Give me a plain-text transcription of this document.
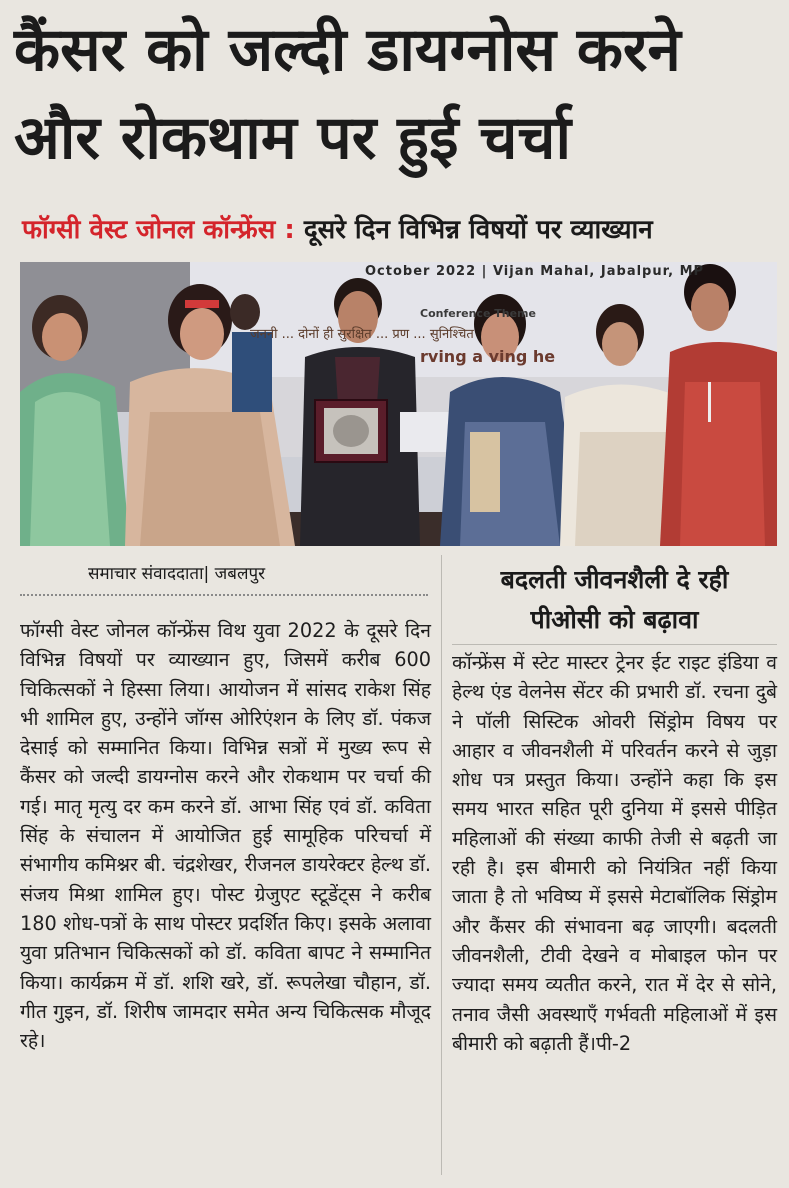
कैंसर को जल्दी डायग्नोस करने
और रोकथाम पर हुई चर्चा
फॉग्सी वेस्ट जोनल कॉन्फ्रेंस : दूसरे दिन विभिन्न विषयों पर व्याख्यान
October 2022 | Vijan Mahal, Jabalpur, MP
Conference Theme
जननी ... दोनों ही सुरक्षित ... प्रण ... सुनिश्चित
rving a ving he
समाचार संवाददाता| जबलपुर
फॉग्सी वेस्ट जोनल कॉन्फ्रेंस विथ युवा 2022 के दूसरे दिन विभिन्न विषयों पर व्याख्यान हुए, जिसमें करीब 600 चिकित्सकों ने हिस्सा लिया। आयोजन में सांसद राकेश सिंह भी शामिल हुए, उन्होंने जॉग्स ओरिएंशन के लिए डॉ. पंकज देसाई को सम्मानित किया। विभिन्न सत्रों में मुख्य रूप से कैंसर को जल्दी डायग्नोस करने और रोकथाम पर चर्चा की गई। मातृ मृत्यु दर कम करने डॉ. आभा सिंह एवं डॉ. कविता सिंह के संचालन में आयोजित हुई सामूहिक परिचर्चा में संभागीय कमिश्नर बी. चंद्रशेखर, रीजनल डायरेक्टर हेल्थ डॉ. संजय मिश्रा शामिल हुए। पोस्ट ग्रेजुएट स्टूडेंट्स ने करीब 180 शोध-पत्रों के साथ पोस्टर प्रदर्शित किए। इसके अलावा युवा प्रतिभान चिकित्सकों को डॉ. कविता बापट ने सम्मानित किया। कार्यक्रम में डॉ. शशि खरे, डॉ. रूपलेखा चौहान, डॉ. गीत गुइन, डॉ. शिरीष जामदार समेत अन्य चिकित्सक मौजूद रहे।
बदलती जीवनशैली दे रही
पीओसी को बढ़ावा
कॉन्फ्रेंस में स्टेट मास्टर ट्रेनर ईट राइट इंडिया व हेल्थ एंड वेलनेस सेंटर की प्रभारी डॉ. रचना दुबे ने पॉली सिस्टिक ओवरी सिंड्रोम विषय पर आहार व जीवनशैली में परिवर्तन करने से जुड़ा शोध पत्र प्रस्तुत किया। उन्होंने कहा कि इस समय भारत सहित पूरी दुनिया में इससे पीड़ित महिलाओं की संख्या काफी तेजी से बढ़ती जा रही है। इस बीमारी को नियंत्रित नहीं किया जाता है तो भविष्य में इससे मेटाबॉलिक सिंड्रोम और कैंसर की संभावना बढ़ जाएगी। बदलती जीवनशैली, टीवी देखने व मोबाइल फोन पर ज्यादा समय व्यतीत करने, रात में देर से सोने, तनाव जैसी अवस्थाएँ गर्भवती महिलाओं में इस बीमारी को बढ़ाती हैं।पी-2
